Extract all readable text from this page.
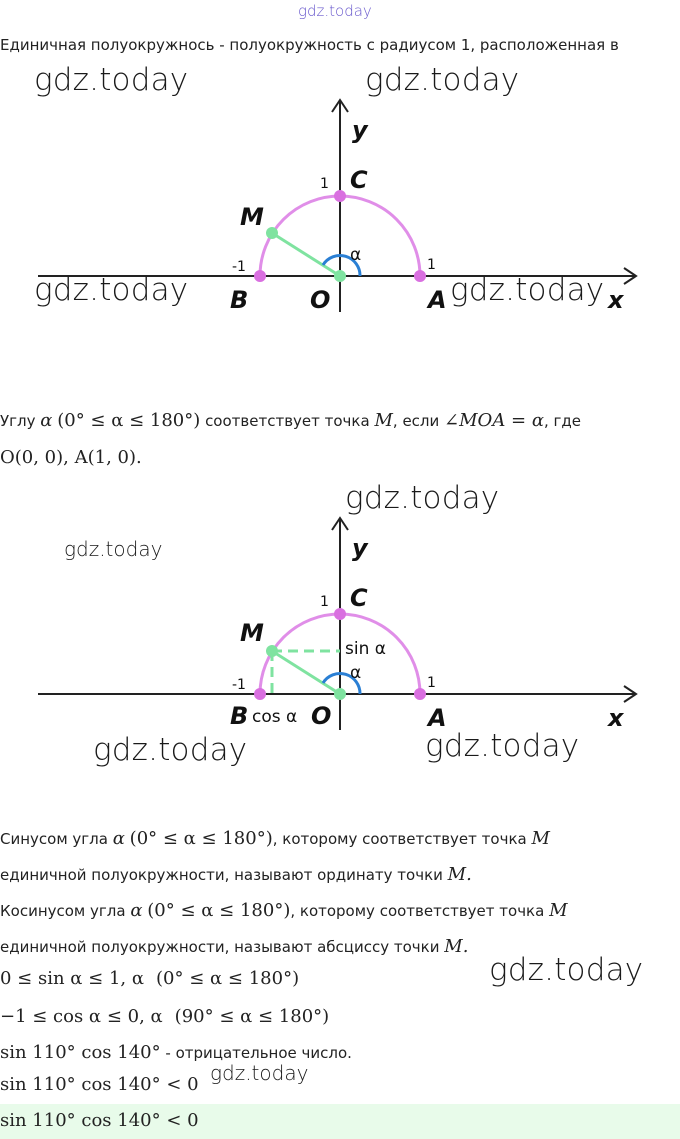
gdz.today
Единичная полуокружнось - полуокружность с радиусом 1, расположенная в
y
C
1
M
α
-1	1
B	O	A	x
gdz.today	gdz.today
gdz.today	gdz.today
Углу α (0° ≤ α ≤ 180°) соответствует точка M, если ∠MOA = α, где
O(0, 0), A(1, 0).
y
C
1
M
sin α
α
-1	1
B cos α O	A	x
gdz.today
gdz.today
gdz.today	gdz.today
Синусом угла α (0° ≤ α ≤ 180°), которому соответствует точка M
единичной полуокружности, называют ординату точки M.
Косинусом угла α (0° ≤ α ≤ 180°), которому соответствует точка M
единичной полуокружности, называют абсциссу точки M.
0 ≤ sin α ≤ 1, α (0° ≤ α ≤ 180°)
−1 ≤ cos α ≤ 0, α (90° ≤ α ≤ 180°)
sin 110° cos 140° - отрицательное число.
sin 110° cos 140° < 0
gdz.today
gdz.today
sin 110° cos 140° < 0
